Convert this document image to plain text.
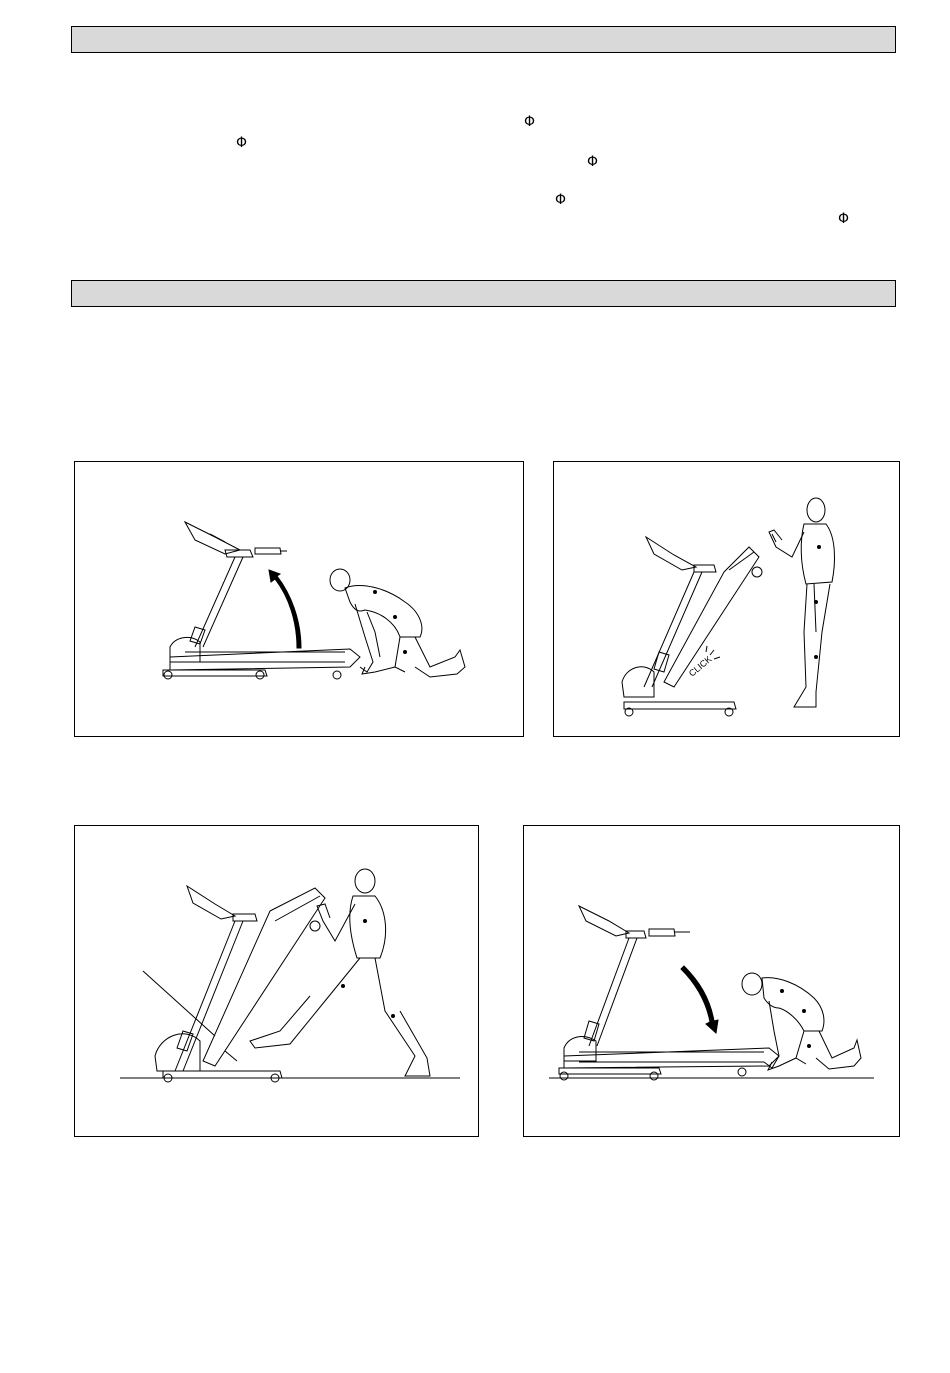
Φ
Φ
Φ
Φ
Φ
CLICK
